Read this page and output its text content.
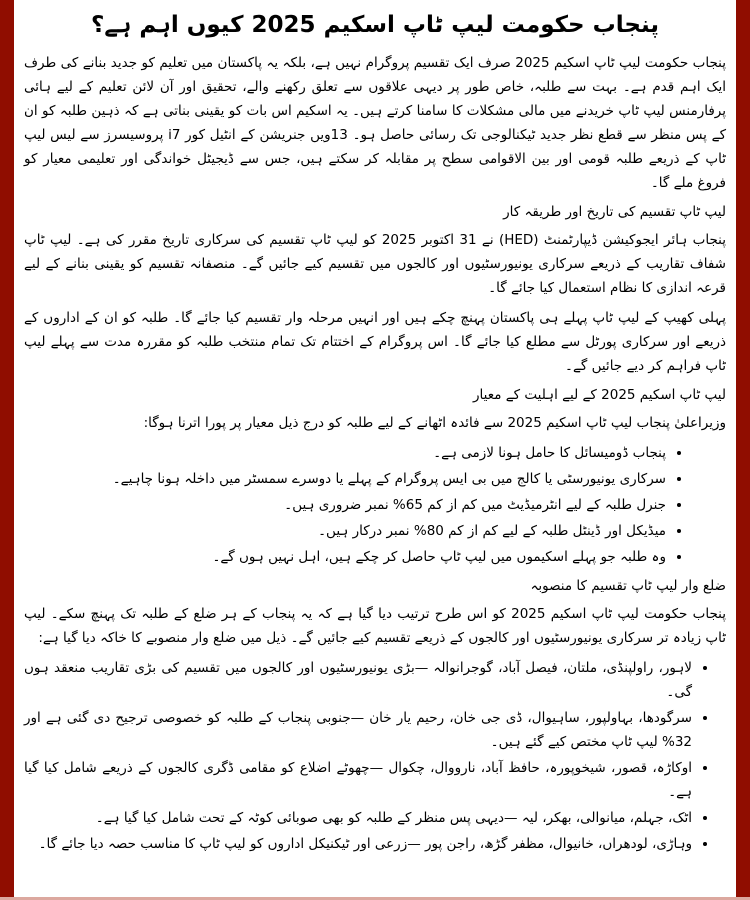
پنجاب حکومت لیپ ٹاپ اسکیم 2025 کیوں اہم ہے؟

پنجاب حکومت لیپ ٹاپ اسکیم 2025 صرف ایک تقسیم پروگرام نہیں ہے، بلکہ یہ پاکستان میں تعلیم کو جدید بنانے کی طرف ایک اہم قدم ہے۔ بہت سے طلبہ، خاص طور پر دیہی علاقوں سے تعلق رکھنے والے، تحقیق اور آن لائن تعلیم کے لیے ہائی پرفارمنس لیپ ٹاپ خریدنے میں مالی مشکلات کا سامنا کرتے ہیں۔ یہ اسکیم اس بات کو یقینی بناتی ہے کہ ذہین طلبہ کو ان کے پس منظر سے قطع نظر جدید ٹیکنالوجی تک رسائی حاصل ہو۔ 13ویں جنریشن کے انٹیل کور i7 پروسیسرز سے لیس لیپ ٹاپ کے ذریعے طلبہ قومی اور بین الاقوامی سطح پر مقابلہ کر سکتے ہیں، جس سے ڈیجیٹل خواندگی اور تعلیمی معیار کو فروغ ملے گا۔

لیپ ٹاپ تقسیم کی تاریخ اور طریقہ کار

پنجاب ہائر ایجوکیشن ڈیپارٹمنٹ (HED) نے 31 اکتوبر 2025 کو لیپ ٹاپ تقسیم کی سرکاری تاریخ مقرر کی ہے۔ لیپ ٹاپ شفاف تقاریب کے ذریعے سرکاری یونیورسٹیوں اور کالجوں میں تقسیم کیے جائیں گے۔ منصفانہ تقسیم کو یقینی بنانے کے لیے قرعہ اندازی کا نظام استعمال کیا جائے گا۔

پہلی کھیپ کے لیپ ٹاپ پہلے ہی پاکستان پہنچ چکے ہیں اور انہیں مرحلہ وار تقسیم کیا جائے گا۔ طلبہ کو ان کے اداروں کے ذریعے اور سرکاری پورٹل سے مطلع کیا جائے گا۔ اس پروگرام کے اختتام تک تمام منتخب طلبہ کو مقررہ مدت سے پہلے لیپ ٹاپ فراہم کر دیے جائیں گے۔

لیپ ٹاپ اسکیم 2025 کے لیے اہلیت کے معیار

وزیراعلیٰ پنجاب لیپ ٹاپ اسکیم 2025 سے فائدہ اٹھانے کے لیے طلبہ کو درج ذیل معیار پر پورا اترنا ہوگا:

• پنجاب ڈومیسائل کا حامل ہونا لازمی ہے۔
• سرکاری یونیورسٹی یا کالج میں بی ایس پروگرام کے پہلے یا دوسرے سمسٹر میں داخلہ ہونا چاہیے۔
• جنرل طلبہ کے لیے انٹرمیڈیٹ میں کم از کم 65% نمبر ضروری ہیں۔
• میڈیکل اور ڈینٹل طلبہ کے لیے کم از کم 80% نمبر درکار ہیں۔
• وہ طلبہ جو پہلے اسکیموں میں لیپ ٹاپ حاصل کر چکے ہیں، اہل نہیں ہوں گے۔
ضلع وار لیپ ٹاپ تقسیم کا منصوبہ

پنجاب حکومت لیپ ٹاپ اسکیم 2025 کو اس طرح ترتیب دیا گیا ہے کہ یہ پنجاب کے ہر ضلع کے طلبہ تک پہنچ سکے۔ لیپ ٹاپ زیادہ تر سرکاری یونیورسٹیوں اور کالجوں کے ذریعے تقسیم کیے جائیں گے۔ ذیل میں ضلع وار منصوبے کا خاکہ دیا گیا ہے:

• لاہور، راولپنڈی، ملتان، فیصل آباد، گوجرانوالہ —بڑی یونیورسٹیوں اور کالجوں میں تقسیم کی بڑی تقاریب منعقد ہوں گی۔
• سرگودھا، بہاولپور، ساہیوال، ڈی جی خان، رحیم یار خان —جنوبی پنجاب کے طلبہ کو خصوصی ترجیح دی گئی ہے اور 32% لیپ ٹاپ مختص کیے گئے ہیں۔
• اوکاڑہ، قصور، شیخوپورہ، حافظ آباد، نارووال، چکوال —چھوٹے اضلاع کو مقامی ڈگری کالجوں کے ذریعے شامل کیا گیا ہے۔
• اٹک، جہلم، میانوالی، بھکر، لیہ —دیہی پس منظر کے طلبہ کو بھی صوبائی کوٹہ کے تحت شامل کیا گیا ہے۔
• وہاڑی، لودھراں، خانیوال، مظفر گڑھ، راجن پور —زرعی اور ٹیکنیکل اداروں کو لیپ ٹاپ کا مناسب حصہ دیا جائے گا۔
